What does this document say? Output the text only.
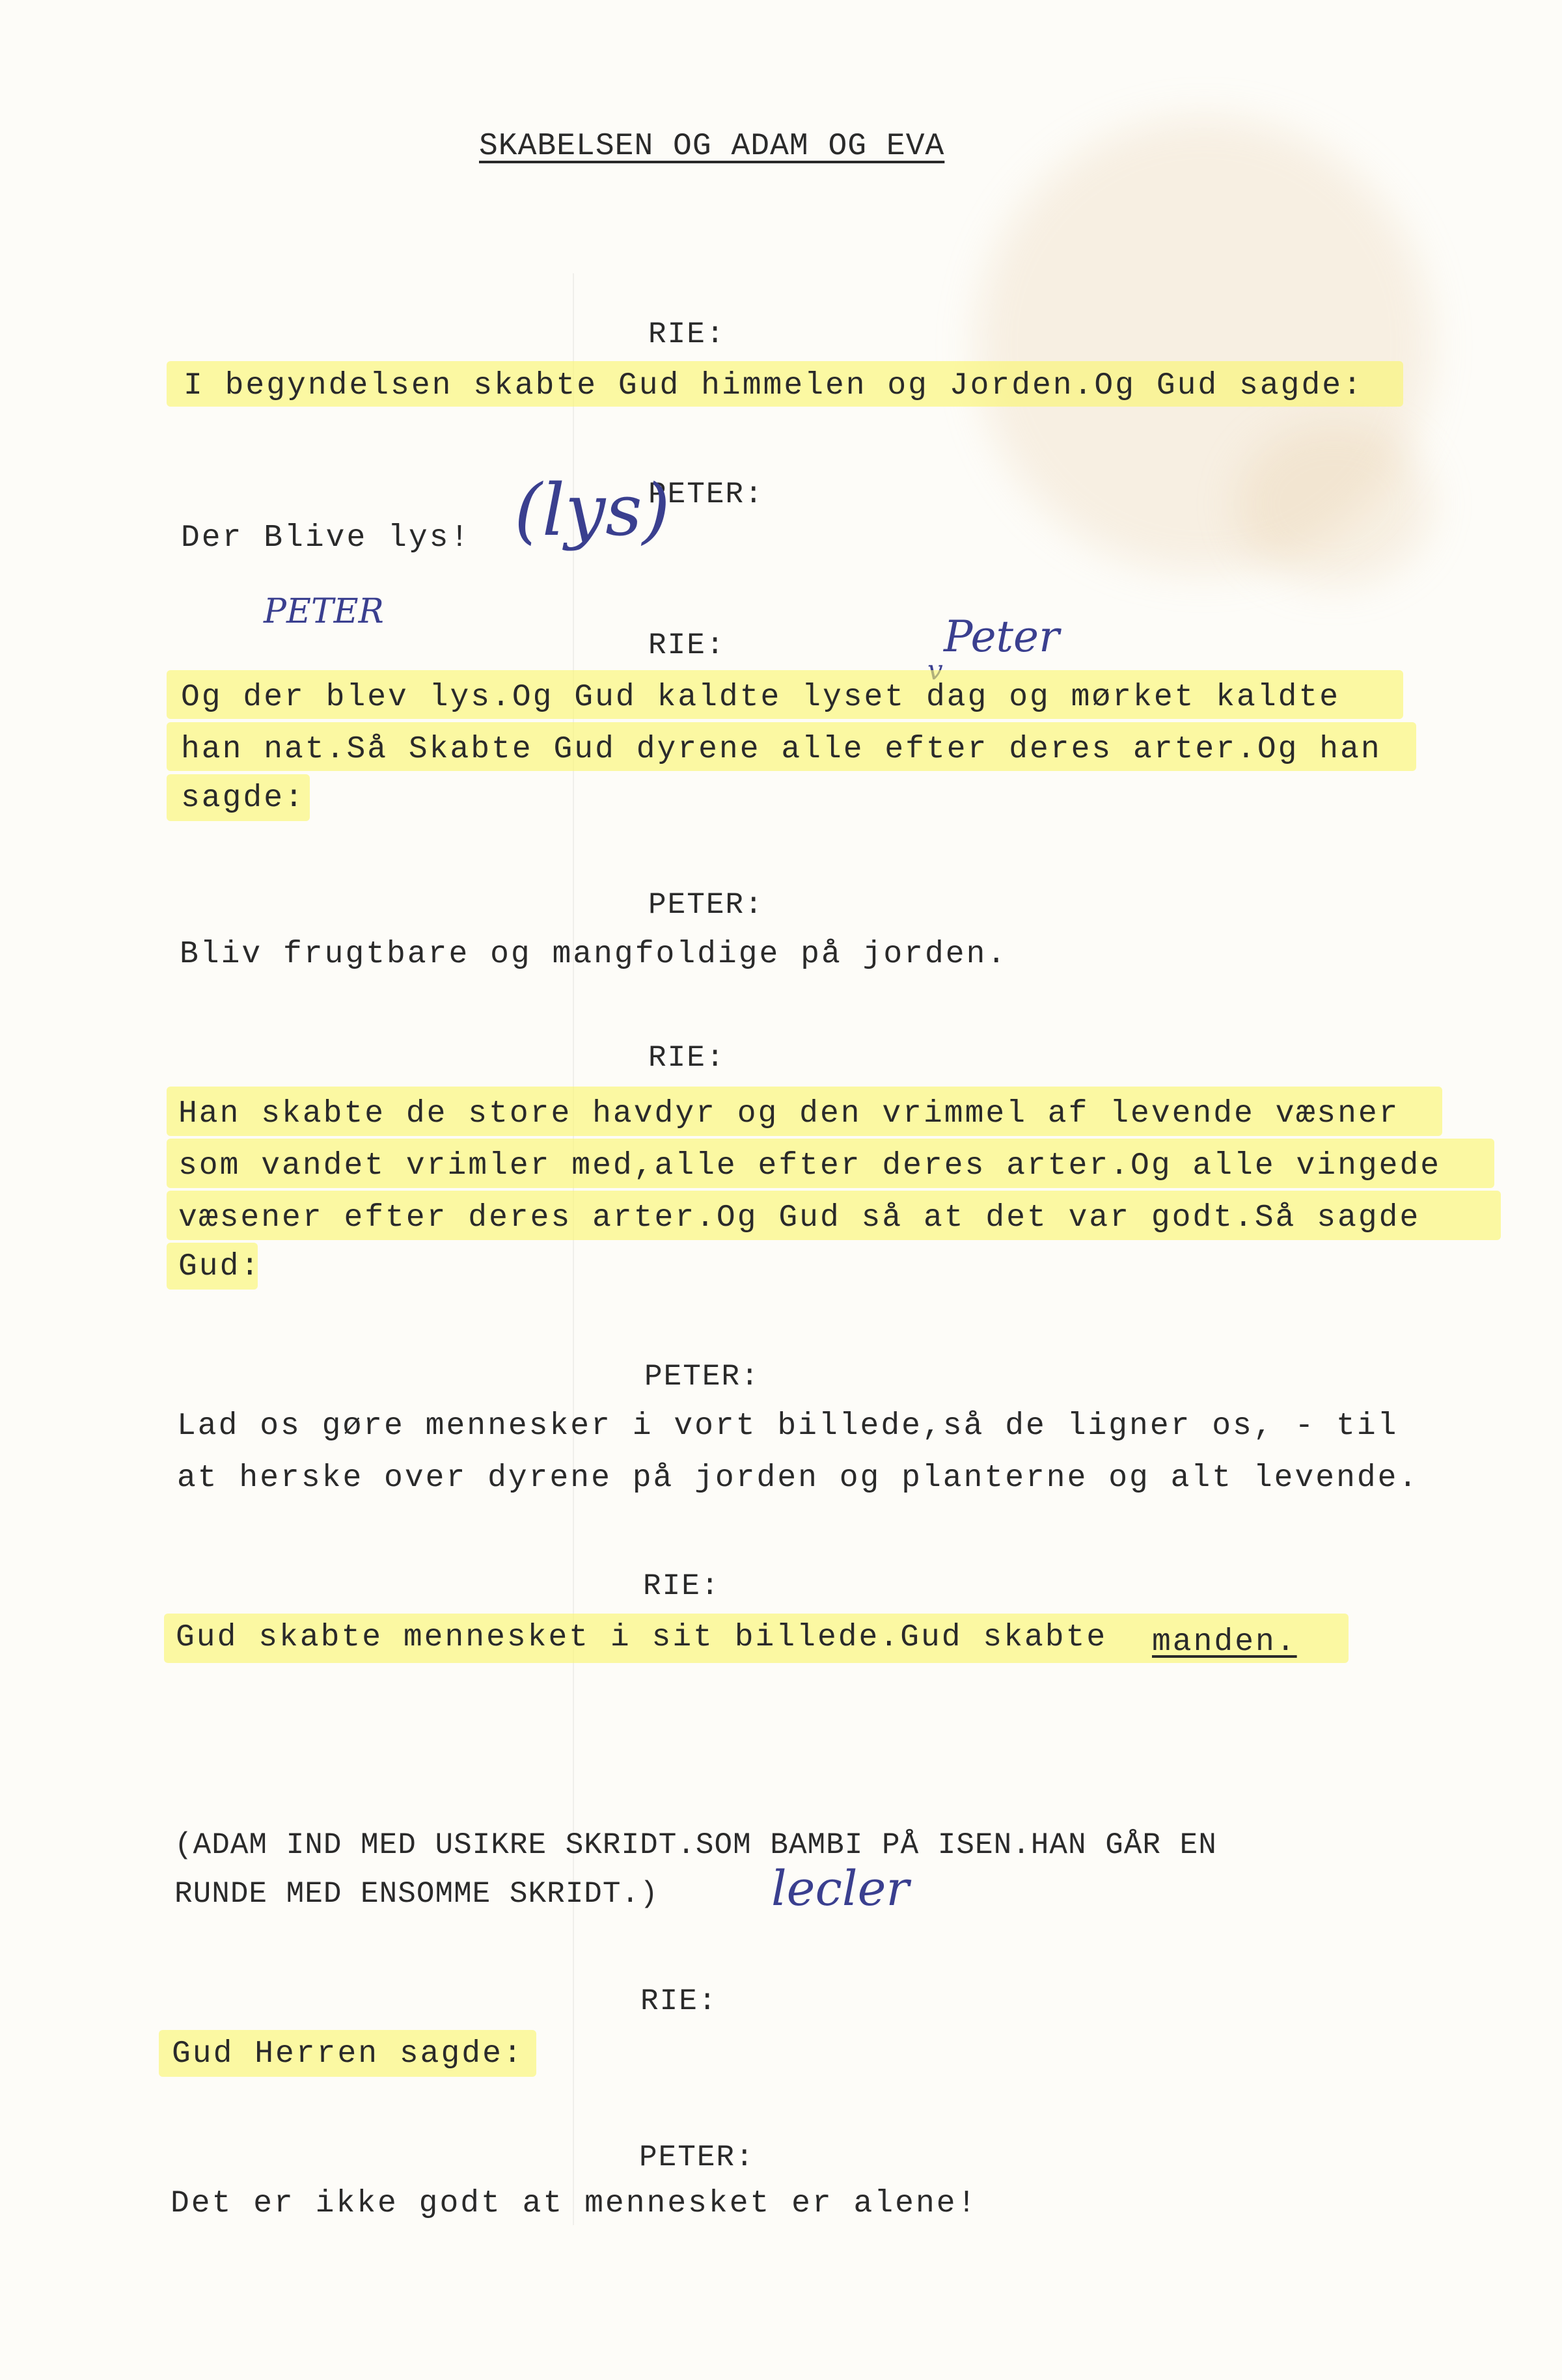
SKABELSEN OG ADAM OG EVA
RIE:
I begyndelsen skabte Gud himmelen og Jorden.Og Gud sagde:
PETER:
Der Blive lys! (lys)
PETER
RIE:	Peter
Og der blev lys.Og Gud kaldte lyset dag og mørket kaldte
han nat.Så Skabte Gud dyrene alle efter deres arter.Og han
sagde:
PETER:
Bliv frugtbare og mangfoldige på jorden.
RIE:
Han skabte de store havdyr og den vrimmel af levende væsner
som vandet vrimler med,alle efter deres arter.Og alle vingede
væsener efter deres arter.Og Gud så at det var godt.Så sagde
Gud:
PETER:
Lad os gøre mennesker i vort billede,så de ligner os, - til
at herske over dyrene på jorden og planterne og alt levende.
RIE:
Gud skabte mennesket i sit billede.Gud skabte manden.
(ADAM IND MED USIKRE SKRIDT.SOM BAMBI PÅ ISEN.HAN GÅR EN
RUNDE MED ENSOMME SKRIDT.) lecler
RIE:
Gud Herren sagde:
PETER:
Det er ikke godt at mennesket er alene!
